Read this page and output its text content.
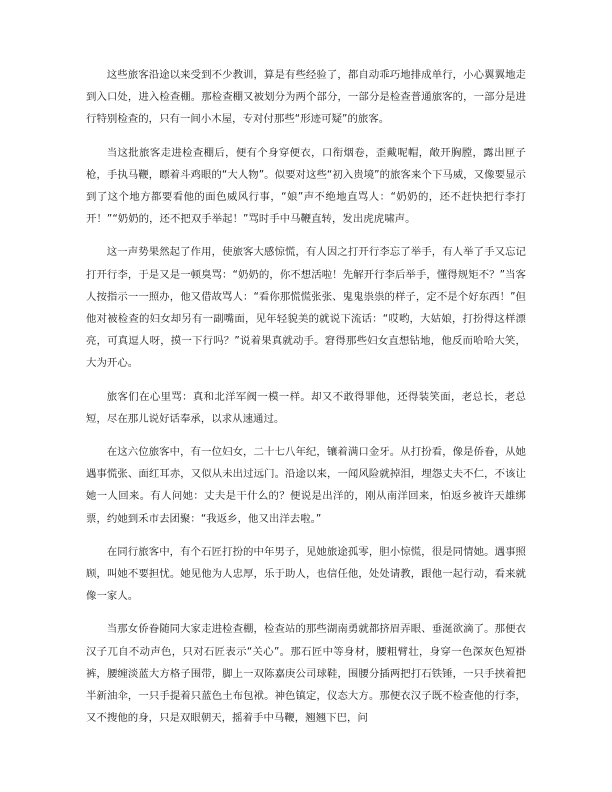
这些旅客沿途以来受到不少教训，算是有些经验了，都自动乖巧地排成单行，小心翼翼地走到入口处，进入检查棚。那检查棚又被划分为两个部分，一部分是检查普通旅客的，一部分是进行特别检查的，只有一间小木屋，专对付那些“形迹可疑”的旅客。

当这批旅客走进检查棚后，便有个身穿便衣，口衔烟卷，歪戴呢帽，敞开胸膛，露出匣子枪，手执马鞭，瞟着斗鸡眼的“大人物”。似要对这些“初入贵境”的旅客来个下马威，又像要显示到了这个地方都要看他的面色威风行事，“娘”声不绝地直骂人：“奶奶的，还不赶快把行李打开！”“奶奶的，还不把双手举起！”骂时手中马鞭直转，发出虎虎啸声。

这一声势果然起了作用，使旅客大感惊慌，有人因之打开行李忘了举手，有人举了手又忘记打开行李，于是又是一顿臭骂：“奶奶的，你不想活啦！先解开行李后举手，懂得规矩不？”当客人按指示一一照办，他又借故骂人：“看你那慌慌张张、鬼鬼祟祟的样子，定不是个好东西！”但他对被检查的妇女却另有一副嘴面，见年轻貌美的就说下流话：“哎哟，大姑娘，打扮得这样漂亮，可真逗人呀，摸一下行吗？”说着果真就动手。窘得那些妇女直想钻地，他反而哈哈大笑，大为开心。

旅客们在心里骂：真和北洋军阀一模一样。却又不敢得罪他，还得装笑面，老总长，老总短，尽在那儿说好话奉承，以求从速通过。

在这六位旅客中，有一位妇女，二十七八年纪，镶着满口金牙。从打扮看，像是侨眷，从她遇事慌张、面红耳赤，又似从未出过远门。沿途以来，一闻风险就掉泪，埋怨丈夫不仁，不该让她一人回来。有人问她：丈夫是干什么的？便说是出洋的，刚从南洋回来，怕返乡被许天雄绑票，约她到禾市去团聚：“我返乡，他又出洋去啦。”

在同行旅客中，有个石匠打扮的中年男子，见她旅途孤零，胆小惊慌，很是同情她。遇事照顾，叫她不要担忧。她见他为人忠厚，乐于助人，也信任他，处处请教，跟他一起行动，看来就像一家人。

当那女侨眷随同大家走进检查棚，检查站的那些湖南勇就都挤眉弄眼、垂涎欲滴了。那便衣汉子兀自不动声色，只对石匠表示“关心”。那石匠中等身材，腰粗臂壮，身穿一色深灰色短褂裤，腰缠淡蓝大方格子围带，脚上一双陈嘉庚公司球鞋，围腰分插两把打石铁锤，一只手挟着把半新油伞，一只手提着只蓝色土布包袱。神色镇定，仪态大方。那便衣汉子既不检查他的行李，又不搜他的身，只是双眼朝天，摇着手中马鞭，翘翘下巴，问
